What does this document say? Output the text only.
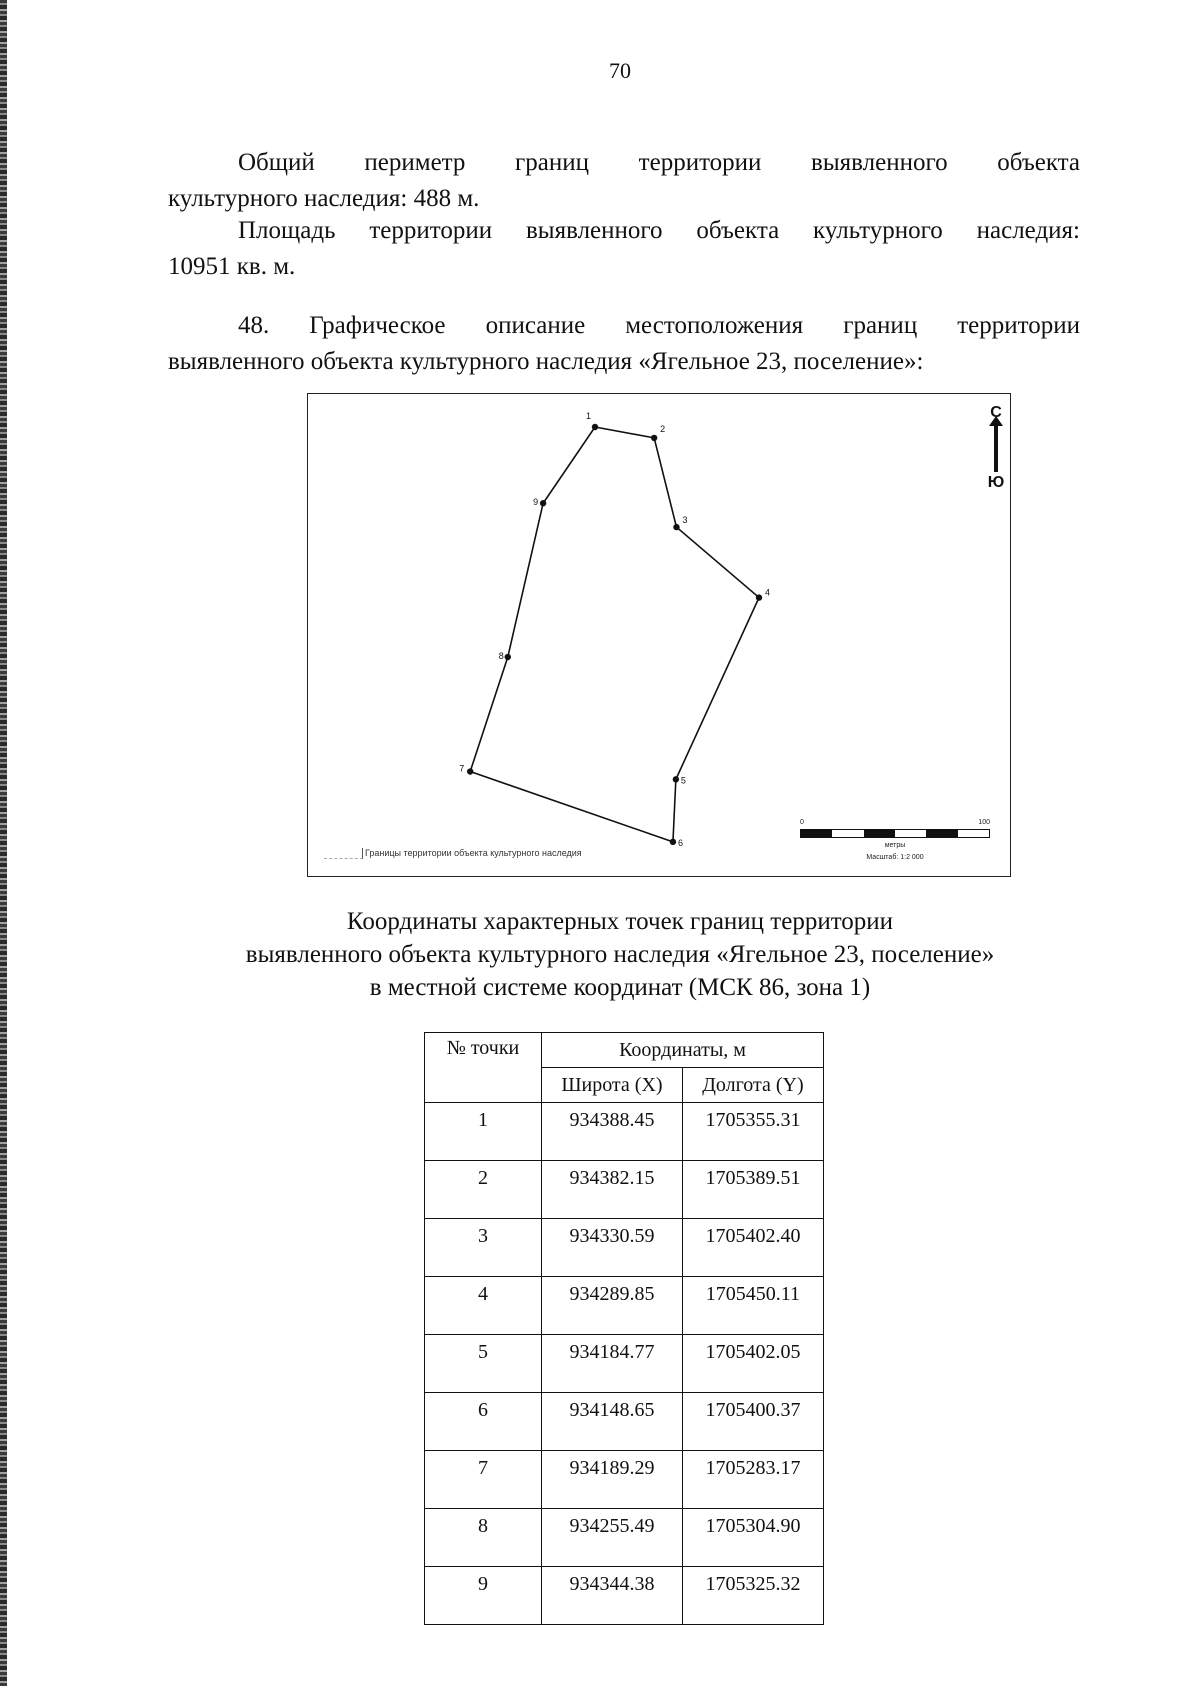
70
Общий периметр границ территории выявленного объекта
культурного наследия: 488 м.
Площадь территории выявленного объекта культурного наследия:
10951 кв. м.
48. Графическое описание местоположения границ территории
выявленного объекта культурного наследия «Ягельное 23, поселение»:
1
2
3
4
5
6
7
8
9
С
Ю
Границы территории объекта культурного наследия
0	100
метры
Масштаб: 1:2 000
Координаты характерных точек границ территории
выявленного объекта культурного наследия «Ягельное 23, поселение»
в местной системе координат (МСК 86, зона 1)
№ точки	Координаты, м	
	Широта (X)	Долгота (Y)
1	934388.45	1705355.31
2	934382.15	1705389.51
3	934330.59	1705402.40
4	934289.85	1705450.11
5	934184.77	1705402.05
6	934148.65	1705400.37
7	934189.29	1705283.17
8	934255.49	1705304.90
9	934344.38	1705325.32
